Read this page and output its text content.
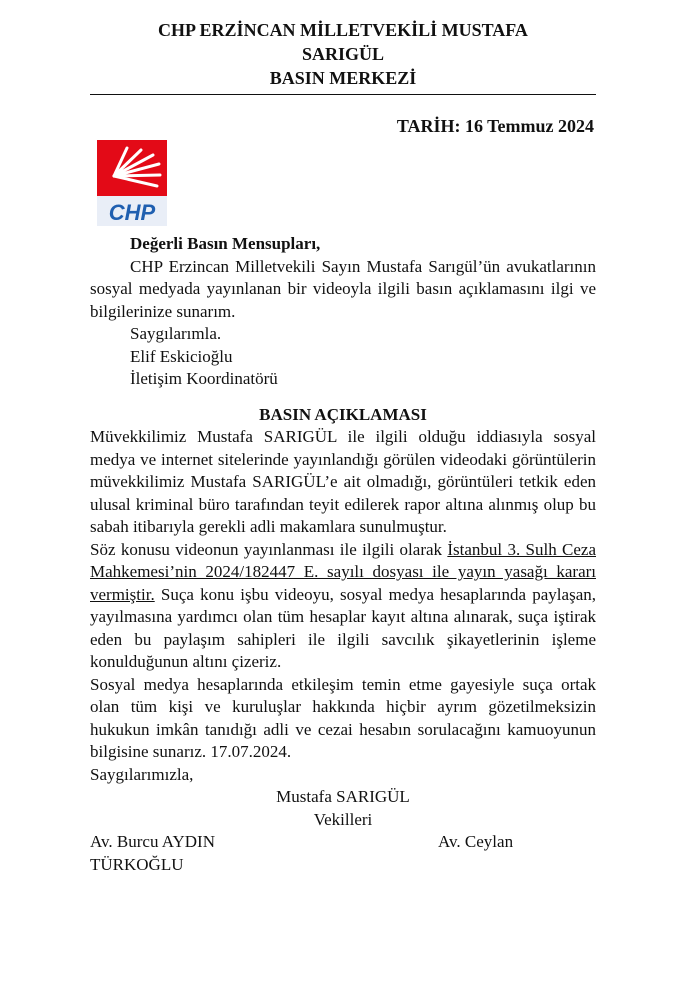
CHP ERZİNCAN MİLLETVEKİLİ MUSTAFA
SARIGÜL
BASIN MERKEZİ
TARİH: 16 Temmuz 2024
CHP

Değerli Basın Mensupları,

CHP Erzincan Milletvekili Sayın Mustafa Sarıgül’ün avukatlarının sosyal medyada yayınlanan bir videoyla ilgili basın açıklamasını ilgi ve bilgilerinize sunarım.

Saygılarımla.

Elif Eskicioğlu

İletişim Koordinatörü

BASIN AÇIKLAMASI

Müvekkilimiz Mustafa SARIGÜL ile ilgili olduğu iddiasıyla sosyal medya ve internet sitelerinde yayınlandığı görülen videodaki görüntülerin müvekkilimiz Mustafa SARIGÜL’e ait olmadığı, görüntüleri tetkik eden ulusal kriminal büro tarafından teyit edilerek rapor altına alınmış olup bu sabah itibarıyla gerekli adli makamlara sunulmuştur.

Söz konusu videonun yayınlanması ile ilgili olarak İstanbul 3. Sulh Ceza Mahkemesi’nin 2024/182447 E. sayılı dosyası ile yayın yasağı kararı vermiştir. Suça konu işbu videoyu, sosyal medya hesaplarında paylaşan, yayılmasına yardımcı olan tüm hesaplar kayıt altına alınarak, suça iştirak eden bu paylaşım sahipleri ile ilgili savcılık şikayetlerinin işleme konulduğunun altını çizeriz.

Sosyal medya hesaplarında etkileşim temin etme gayesiyle suça ortak olan tüm kişi ve kuruluşlar hakkında hiçbir ayrım gözetilmeksizin hukukun imkân tanıdığı adli ve cezai hesabın sorulacağını kamuoyunun bilgisine sunarız. 17.07.2024.

Saygılarımızla,

Mustafa SARIGÜL

Vekilleri

Av. Burcu AYDIN	Av. Ceylan

TÜRKOĞLU
